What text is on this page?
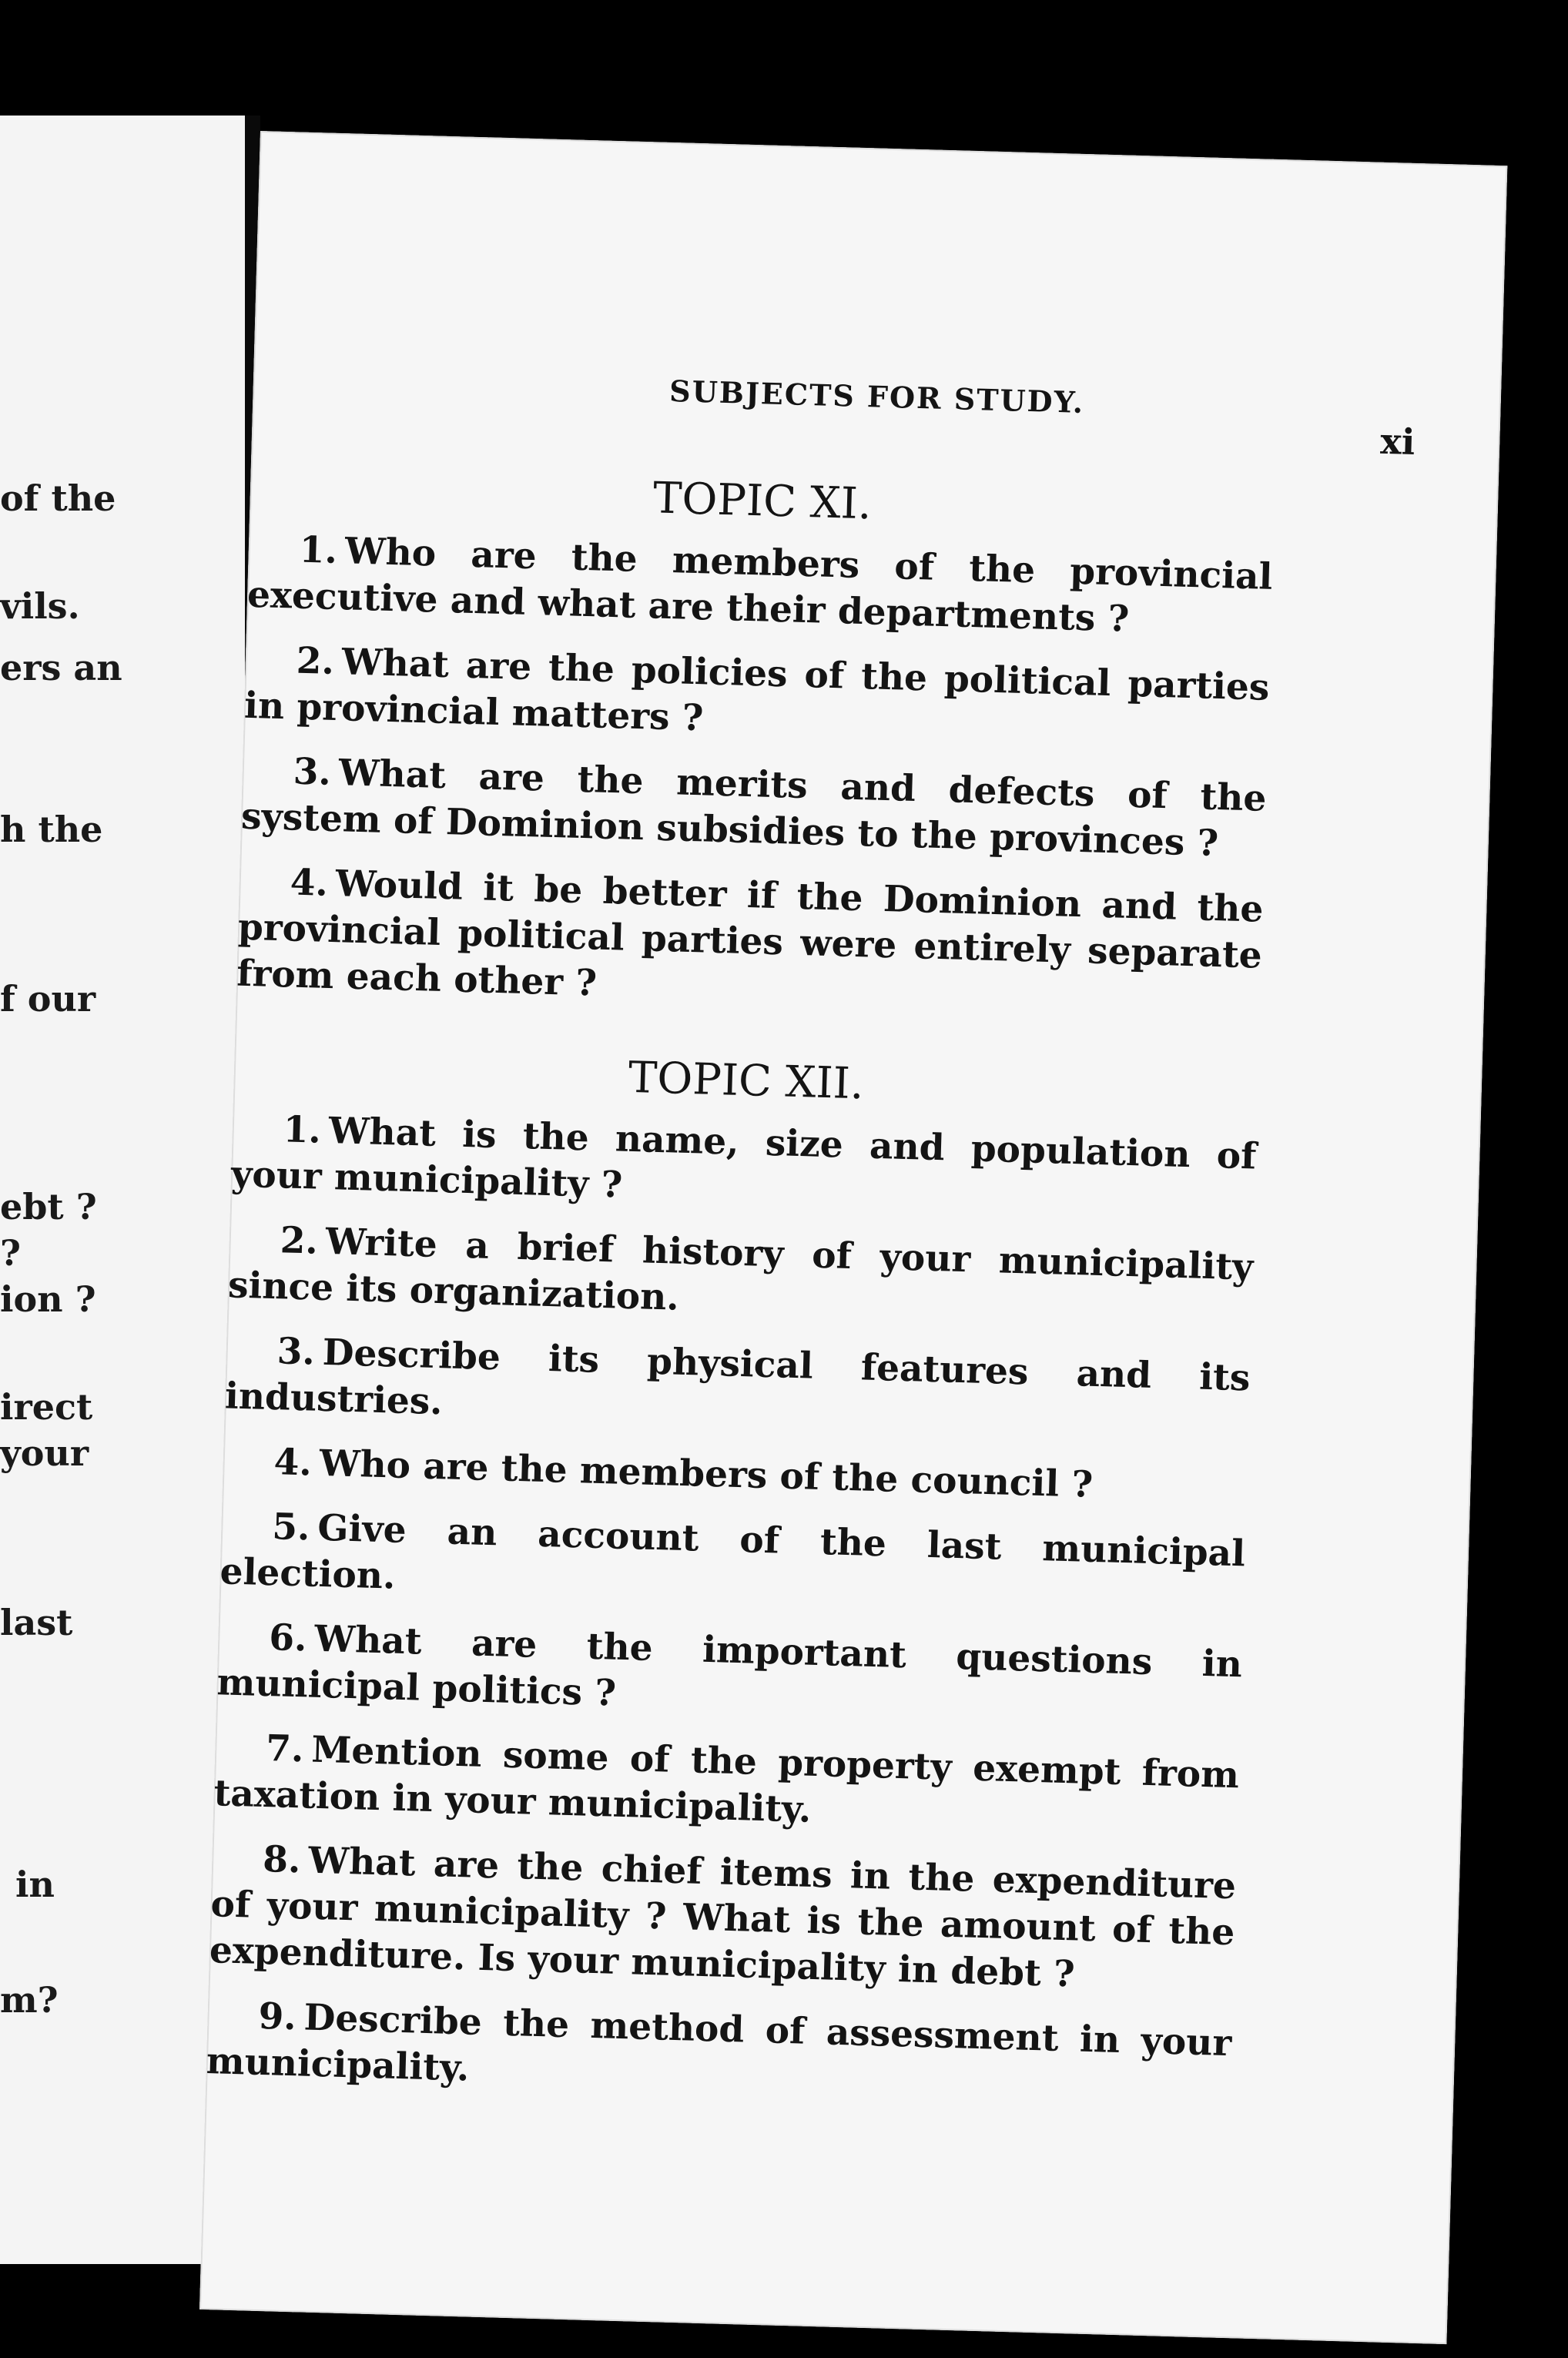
of the
vils.
ers an
h the
f our
ebt ?
?
ion ?
irect
your
last
in
m?
SUBJECTS FOR STUDY.
xi
TOPIC XI.

1. Who are the members of the provincial executive and what are their departments ?

2. What are the policies of the political parties in provincial matters ?

3. What are the merits and defects of the system of Dominion subsidies to the provinces ?

4. Would it be better if the Dominion and the provincial political parties were entirely separate from each other ?

TOPIC XII.

1. What is the name, size and population of your municipality ?

2. Write a brief history of your municipality since its organization.

3. Describe its physical features and its industries.

4. Who are the members of the council ?

5. Give an account of the last municipal election.

6. What are the important questions in municipal politics ?

7. Mention some of the property exempt from taxation in your municipality.

8. What are the chief items in the expenditure of your municipality ? What is the amount of the expenditure. Is your municipality in debt ?

9. Describe the method of assessment in your municipality.
